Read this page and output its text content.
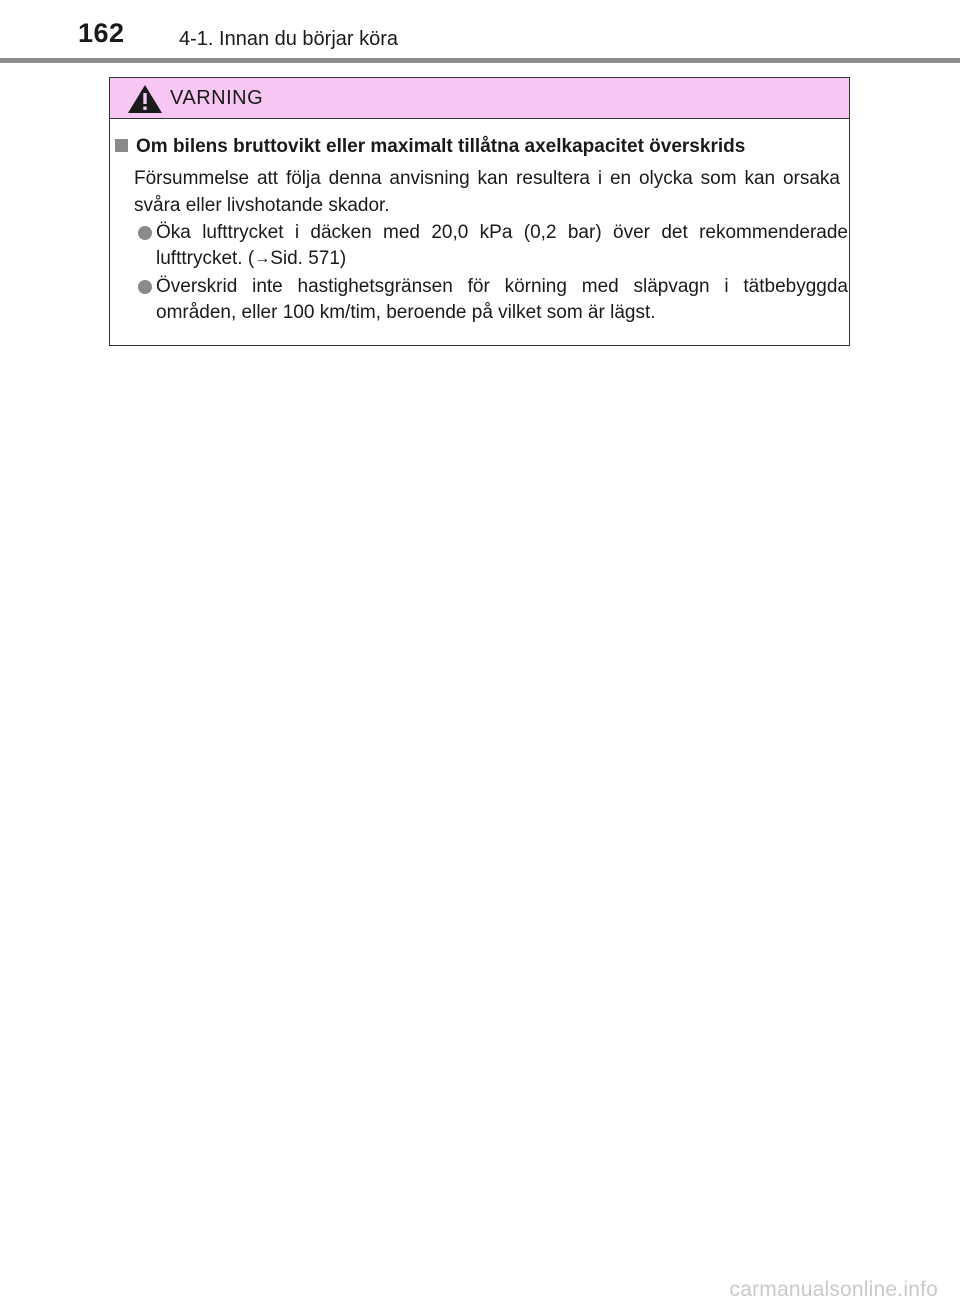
162	4-1. Innan du börjar köra
VARNING
Om bilens bruttovikt eller maximalt tillåtna axelkapacitet överskrids
Försummelse att följa denna anvisning kan resultera i en olycka som kan orsaka svåra eller livshotande skador.
Öka lufttrycket i däcken med 20,0 kPa (0,2 bar) över det rekommenderade lufttrycket. (→Sid. 571)
Överskrid inte hastighetsgränsen för körning med släpvagn i tätbebyggda områden, eller 100 km/tim, beroende på vilket som är lägst.
carmanualsonline.info
